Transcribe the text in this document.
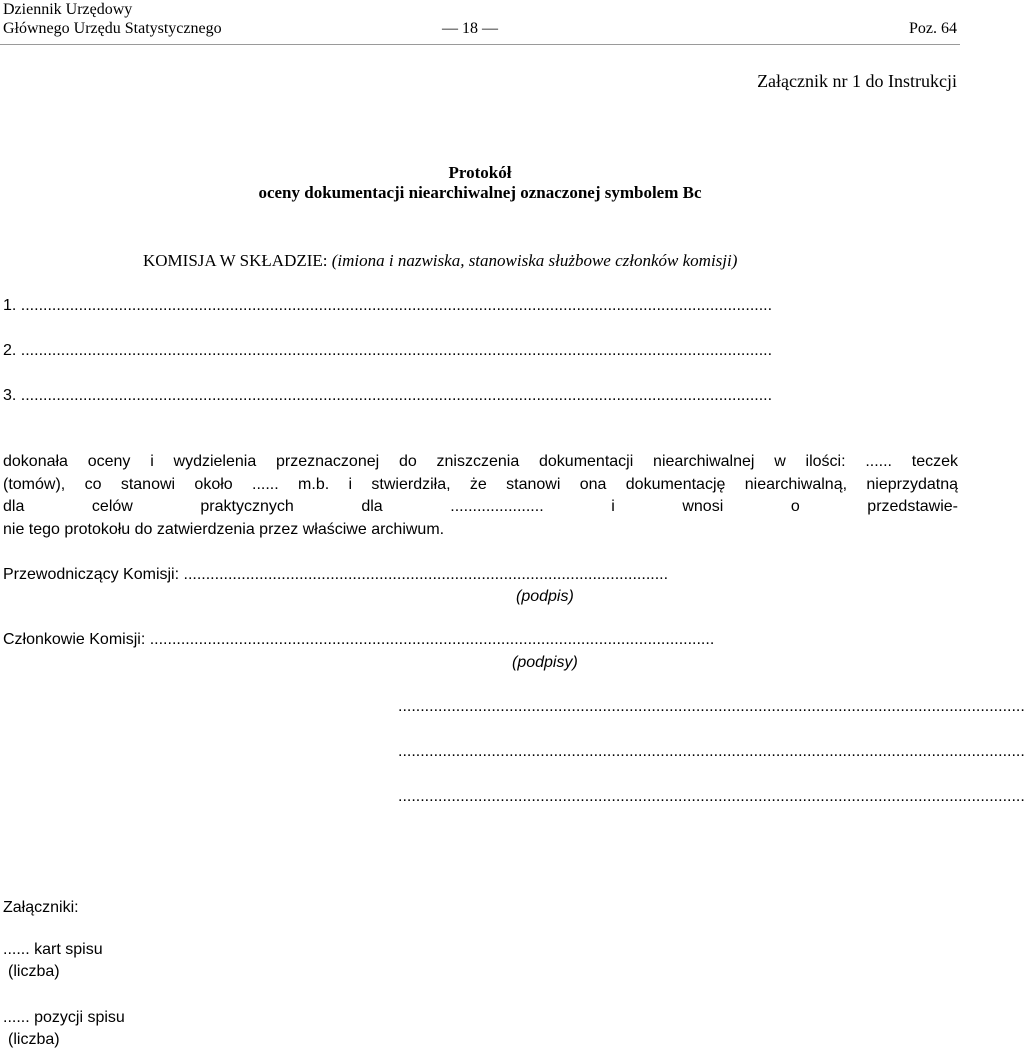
Dziennik Urzędowy
Głównego Urzędu Statystycznego	— 18 —	Poz. 64
Załącznik nr 1 do Instrukcji
Protokół
oceny dokumentacji niearchiwalnej oznaczonej symbolem Bc
KOMISJA W SKŁADZIE: (imiona i nazwiska, stanowiska służbowe członków komisji)
1. .........................................................................................................................................................................
2. .........................................................................................................................................................................
3. .........................................................................................................................................................................

dokonała oceny i wydzielenia przeznaczonej do zniszczenia dokumentacji niearchiwalnej w ilości: ...... teczek

(tomów), co stanowi około ...... m.b. i stwierdziła, że stanowi ona dokumentację niearchiwalną, nieprzydatną

dla celów praktycznych dla ..................... i wnosi o przedstawie-

nie tego protokołu do zatwierdzenia przez właściwe archiwum.

Przewodniczący Komisji: .............................................................................................................
(podpis)
Członkowie Komisji: ...............................................................................................................................
(podpisy)
.............................................................................................................................................
.............................................................................................................................................
.............................................................................................................................................
Załączniki:
...... kart spisu
(liczba)
...... pozycji spisu
(liczba)
